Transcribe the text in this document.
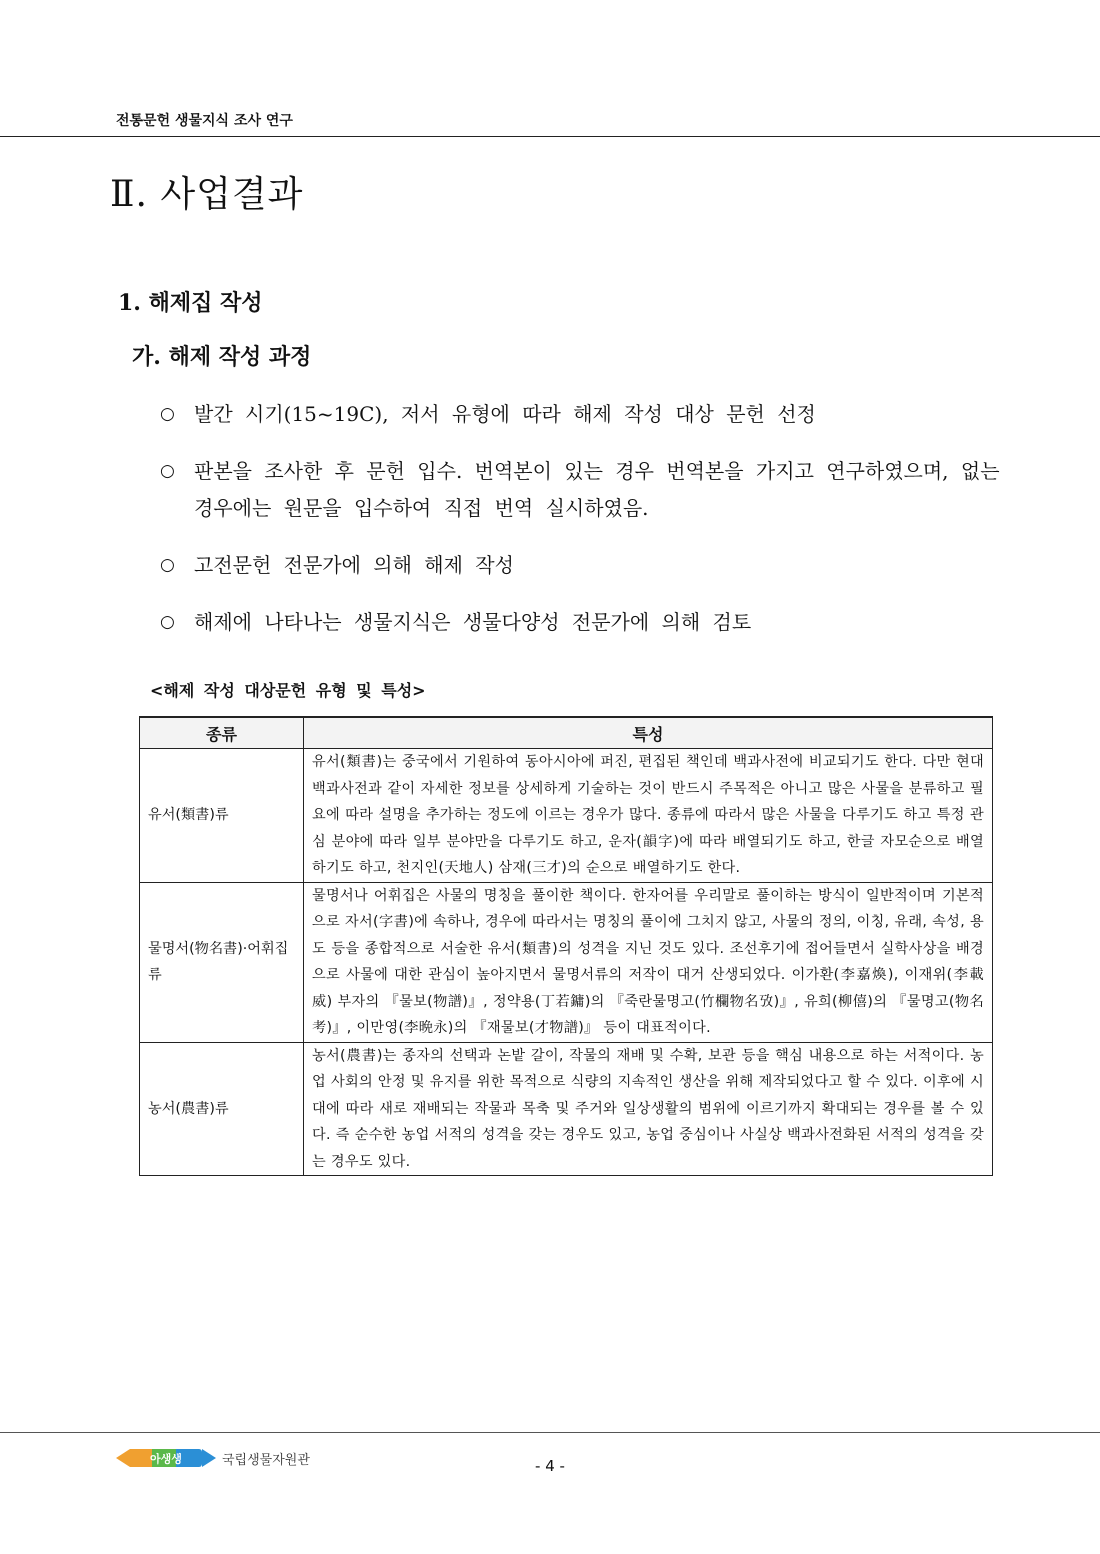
전통문헌 생물지식 조사 연구
Ⅱ. 사업결과
1. 해제집 작성
가. 해제 작성 과정
○ 발간 시기(15~19C), 저서 유형에 따라 해제 작성 대상 문헌 선정
○ 판본을 조사한 후 문헌 입수. 번역본이 있는 경우 번역본을 가지고 연구하였으며, 없는 경우에는 원문을 입수하여 직접 번역 실시하였음.
○ 고전문헌 전문가에 의해 해제 작성
○ 해제에 나타나는 생물지식은 생물다양성 전문가에 의해 검토
<해제 작성 대상문헌 유형 및 특성>
종류	특성
유서(類書)류	유서(類書)는 중국에서 기원하여 동아시아에 퍼진, 편집된 책인데 백과사전에 비교되기도 한다. 다만 현대 백과사전과 같이 자세한 정보를 상세하게 기술하는 것이 반드시 주목적은 아니고 많은 사물을 분류하고 필요에 따라 설명을 추가하는 정도에 이르는 경우가 많다. 종류에 따라서 많은 사물을 다루기도 하고 특정 관심 분야에 따라 일부 분야만을 다루기도 하고, 운자(韻字)에 따라 배열되기도 하고, 한글 자모순으로 배열하기도 하고, 천지인(天地人) 삼재(三才)의 순으로 배열하기도 한다.
물명서(物名書)·어휘집류	물명서나 어휘집은 사물의 명칭을 풀이한 책이다. 한자어를 우리말로 풀이하는 방식이 일반적이며 기본적으로 자서(字書)에 속하나, 경우에 따라서는 명칭의 풀이에 그치지 않고, 사물의 정의, 이칭, 유래, 속성, 용도 등을 종합적으로 서술한 유서(類書)의 성격을 지닌 것도 있다. 조선후기에 접어들면서 실학사상을 배경으로 사물에 대한 관심이 높아지면서 물명서류의 저작이 대거 산생되었다. 이가환(李嘉煥), 이재위(李載威) 부자의 『물보(物譜)』, 정약용(丁若鏞)의 『죽란물명고(竹欄物名攷)』, 유희(柳僖)의 『물명고(物名考)』, 이만영(李晩永)의 『재물보(才物譜)』 등이 대표적이다.
농서(農書)류	농서(農書)는 종자의 선택과 논밭 갈이, 작물의 재배 및 수확, 보관 등을 핵심 내용으로 하는 서적이다. 농업 사회의 안정 및 유지를 위한 목적으로 식량의 지속적인 생산을 위해 제작되었다고 할 수 있다. 이후에 시대에 따라 새로 재배되는 작물과 목축 및 주거와 일상생활의 범위에 이르기까지 확대되는 경우를 볼 수 있다. 즉 순수한 농업 서적의 성격을 갖는 경우도 있고, 농업 중심이나 사실상 백과사전화된 서적의 성격을 갖는 경우도 있다.
아생생	국립생물자원관	- 4 -
